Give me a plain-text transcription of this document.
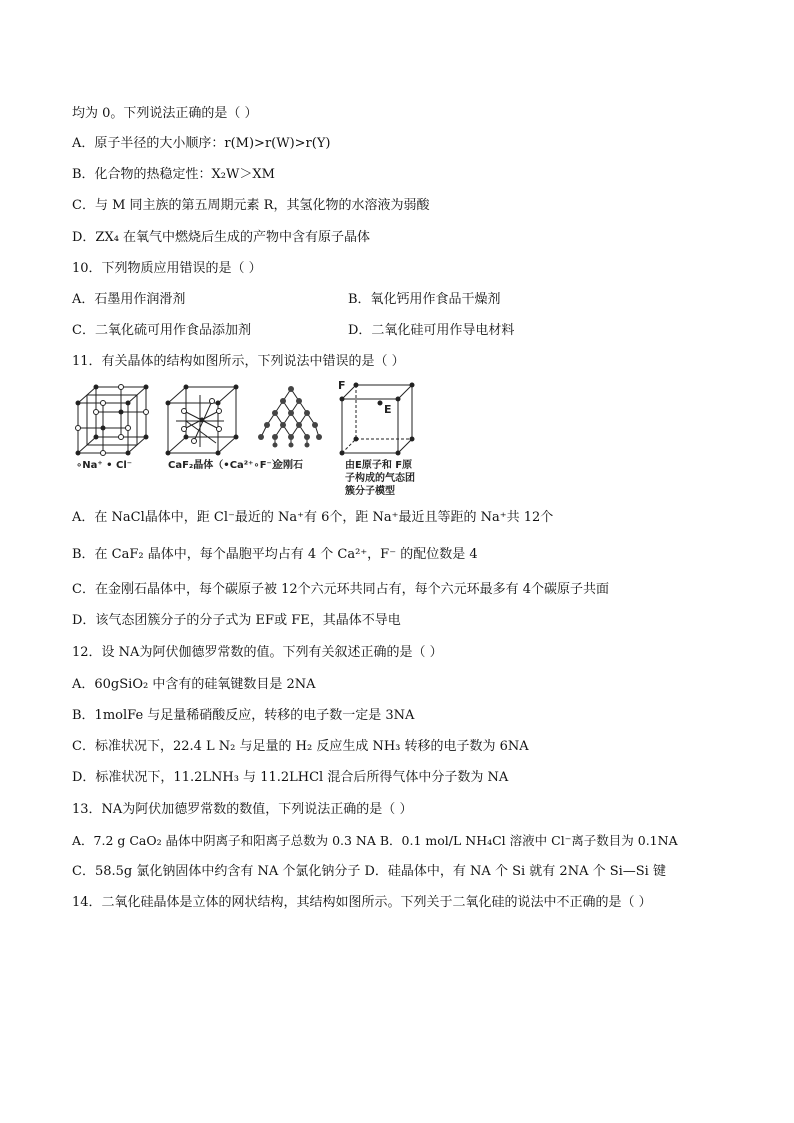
均为 0。下列说法正确的是（ ）
A．原子半径的大小顺序：r(M)>r(W)>r(Y)
B．化合物的热稳定性：X₂W＞XM
C．与 M 同主族的第五周期元素 R，其氢化物的水溶液为弱酸
D．ZX₄ 在氧气中燃烧后生成的产物中含有原子晶体
10．下列物质应用错误的是（ ）
A．石墨用作润滑剂	B．氧化钙用作食品干燥剂
C．二氧化硫可用作食品添加剂	D．二氧化硅可用作导电材料
11．有关晶体的结构如图所示，下列说法中错误的是（ ）
∘Na⁺ • Cl⁻	CaF₂晶体（•Ca²⁺∘F⁻）
金刚石
F
E
由E原子和 F原
子构成的气态团
簇分子模型
A．在 NaCl晶体中，距 Cl⁻最近的 Na⁺有 6个，距 Na⁺最近且等距的 Na⁺共 12个
B．在 CaF₂ 晶体中，每个晶胞平均占有 4 个 Ca²⁺，F⁻ 的配位数是 4
C．在金刚石晶体中，每个碳原子被 12个六元环共同占有，每个六元环最多有 4个碳原子共面
D．该气态团簇分子的分子式为 EF或 FE，其晶体不导电
12．设 NA为阿伏伽德罗常数的值。下列有关叙述正确的是（ ）
A．60gSiO₂ 中含有的硅氧键数目是 2NA
B．1molFe 与足量稀硝酸反应，转移的电子数一定是 3NA
C．标准状况下，22.4 L N₂ 与足量的 H₂ 反应生成 NH₃ 转移的电子数为 6NA
D．标准状况下，11.2LNH₃ 与 11.2LHCl 混合后所得气体中分子数为 NA
13．NA为阿伏加德罗常数的数值，下列说法正确的是（ ）
A．7.2 g CaO₂ 晶体中阴离子和阳离子总数为 0.3 NA B．0.1 mol/L NH₄Cl 溶液中 Cl⁻离子数目为 0.1NA
C．58.5g 氯化钠固体中约含有 NA 个氯化钠分子 D．硅晶体中，有 NA 个 Si 就有 2NA 个 Si—Si 键
14．二氧化硅晶体是立体的网状结构，其结构如图所示。下列关于二氧化硅的说法中不正确的是（ ）
